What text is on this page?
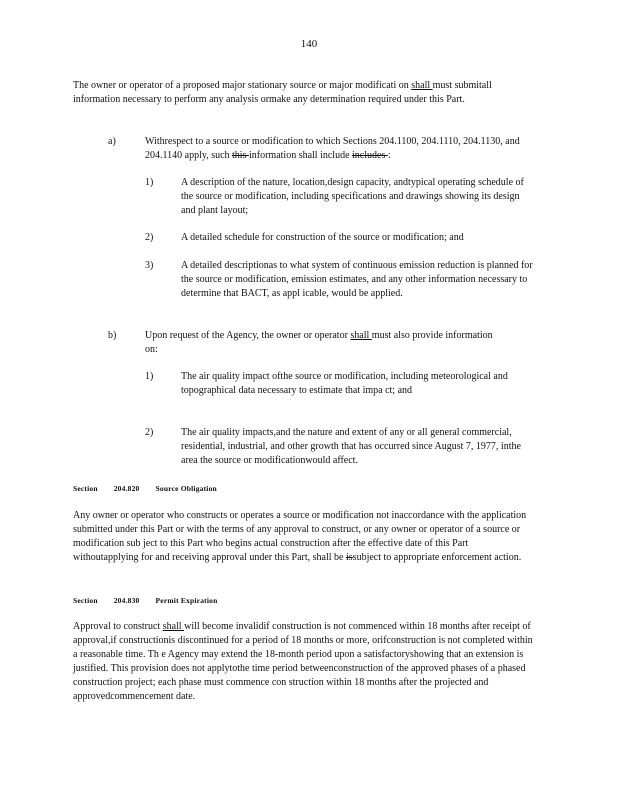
140
The owner or operator of a proposed major stationary source or major modificati on shall must submitall information necessary to perform any analysis ormake any determination required under this Part.
a)	Withrespect to a source or modification to which Sections 204.1100, 204.1110, 204.1130, and 204.1140 apply, such this information shall include includes :
1)	A description of the nature, location,design capacity, andtypical operating schedule of the source or modification, including specifications and drawings showing its design and plant layout;
2)	A detailed schedule for construction of the source or modification; and
3)	A detailed descriptionas to what system of continuous emission reduction is planned for the source or modification, emission estimates, and any other information necessary to determine that BACT, as appl icable, would be applied.
b)	Upon request of the Agency, the owner or operator shall must also provide information on:
1)	The air quality impact ofthe source or modification, including meteorological and topographical data necessary to estimate that impa ct; and
2)	The air quality impacts,and the nature and extent of any or all general commercial, residential, industrial, and other growth that has occurred since August 7, 1977, inthe area the source or modificationwould affect.
Section 204.820 Source Obligation
Any owner or operator who constructs or operates a source or modification not inaccordance with the application submitted under this Part or with the terms of any approval to construct, or any owner or operator of a source or modification sub ject to this Part who begins actual construction after the effective date of this Part withoutapplying for and receiving approval under this Part, shall be issubject to appropriate enforcement action.
Section 204.830 Permit Expiration
Approval to construct shall will become invalidif construction is not commenced within 18 months after receipt of approval,if constructionis discontinued for a period of 18 months or more, orifconstruction is not completed within a reasonable time. Th e Agency may extend the 18-month period upon a satisfactoryshowing that an extension is justified. This provision does not applytothe time period betweenconstruction of the approved phases of a phased construction project; each phase must commence con struction within 18 months after the projected and approvedcommencement date.
